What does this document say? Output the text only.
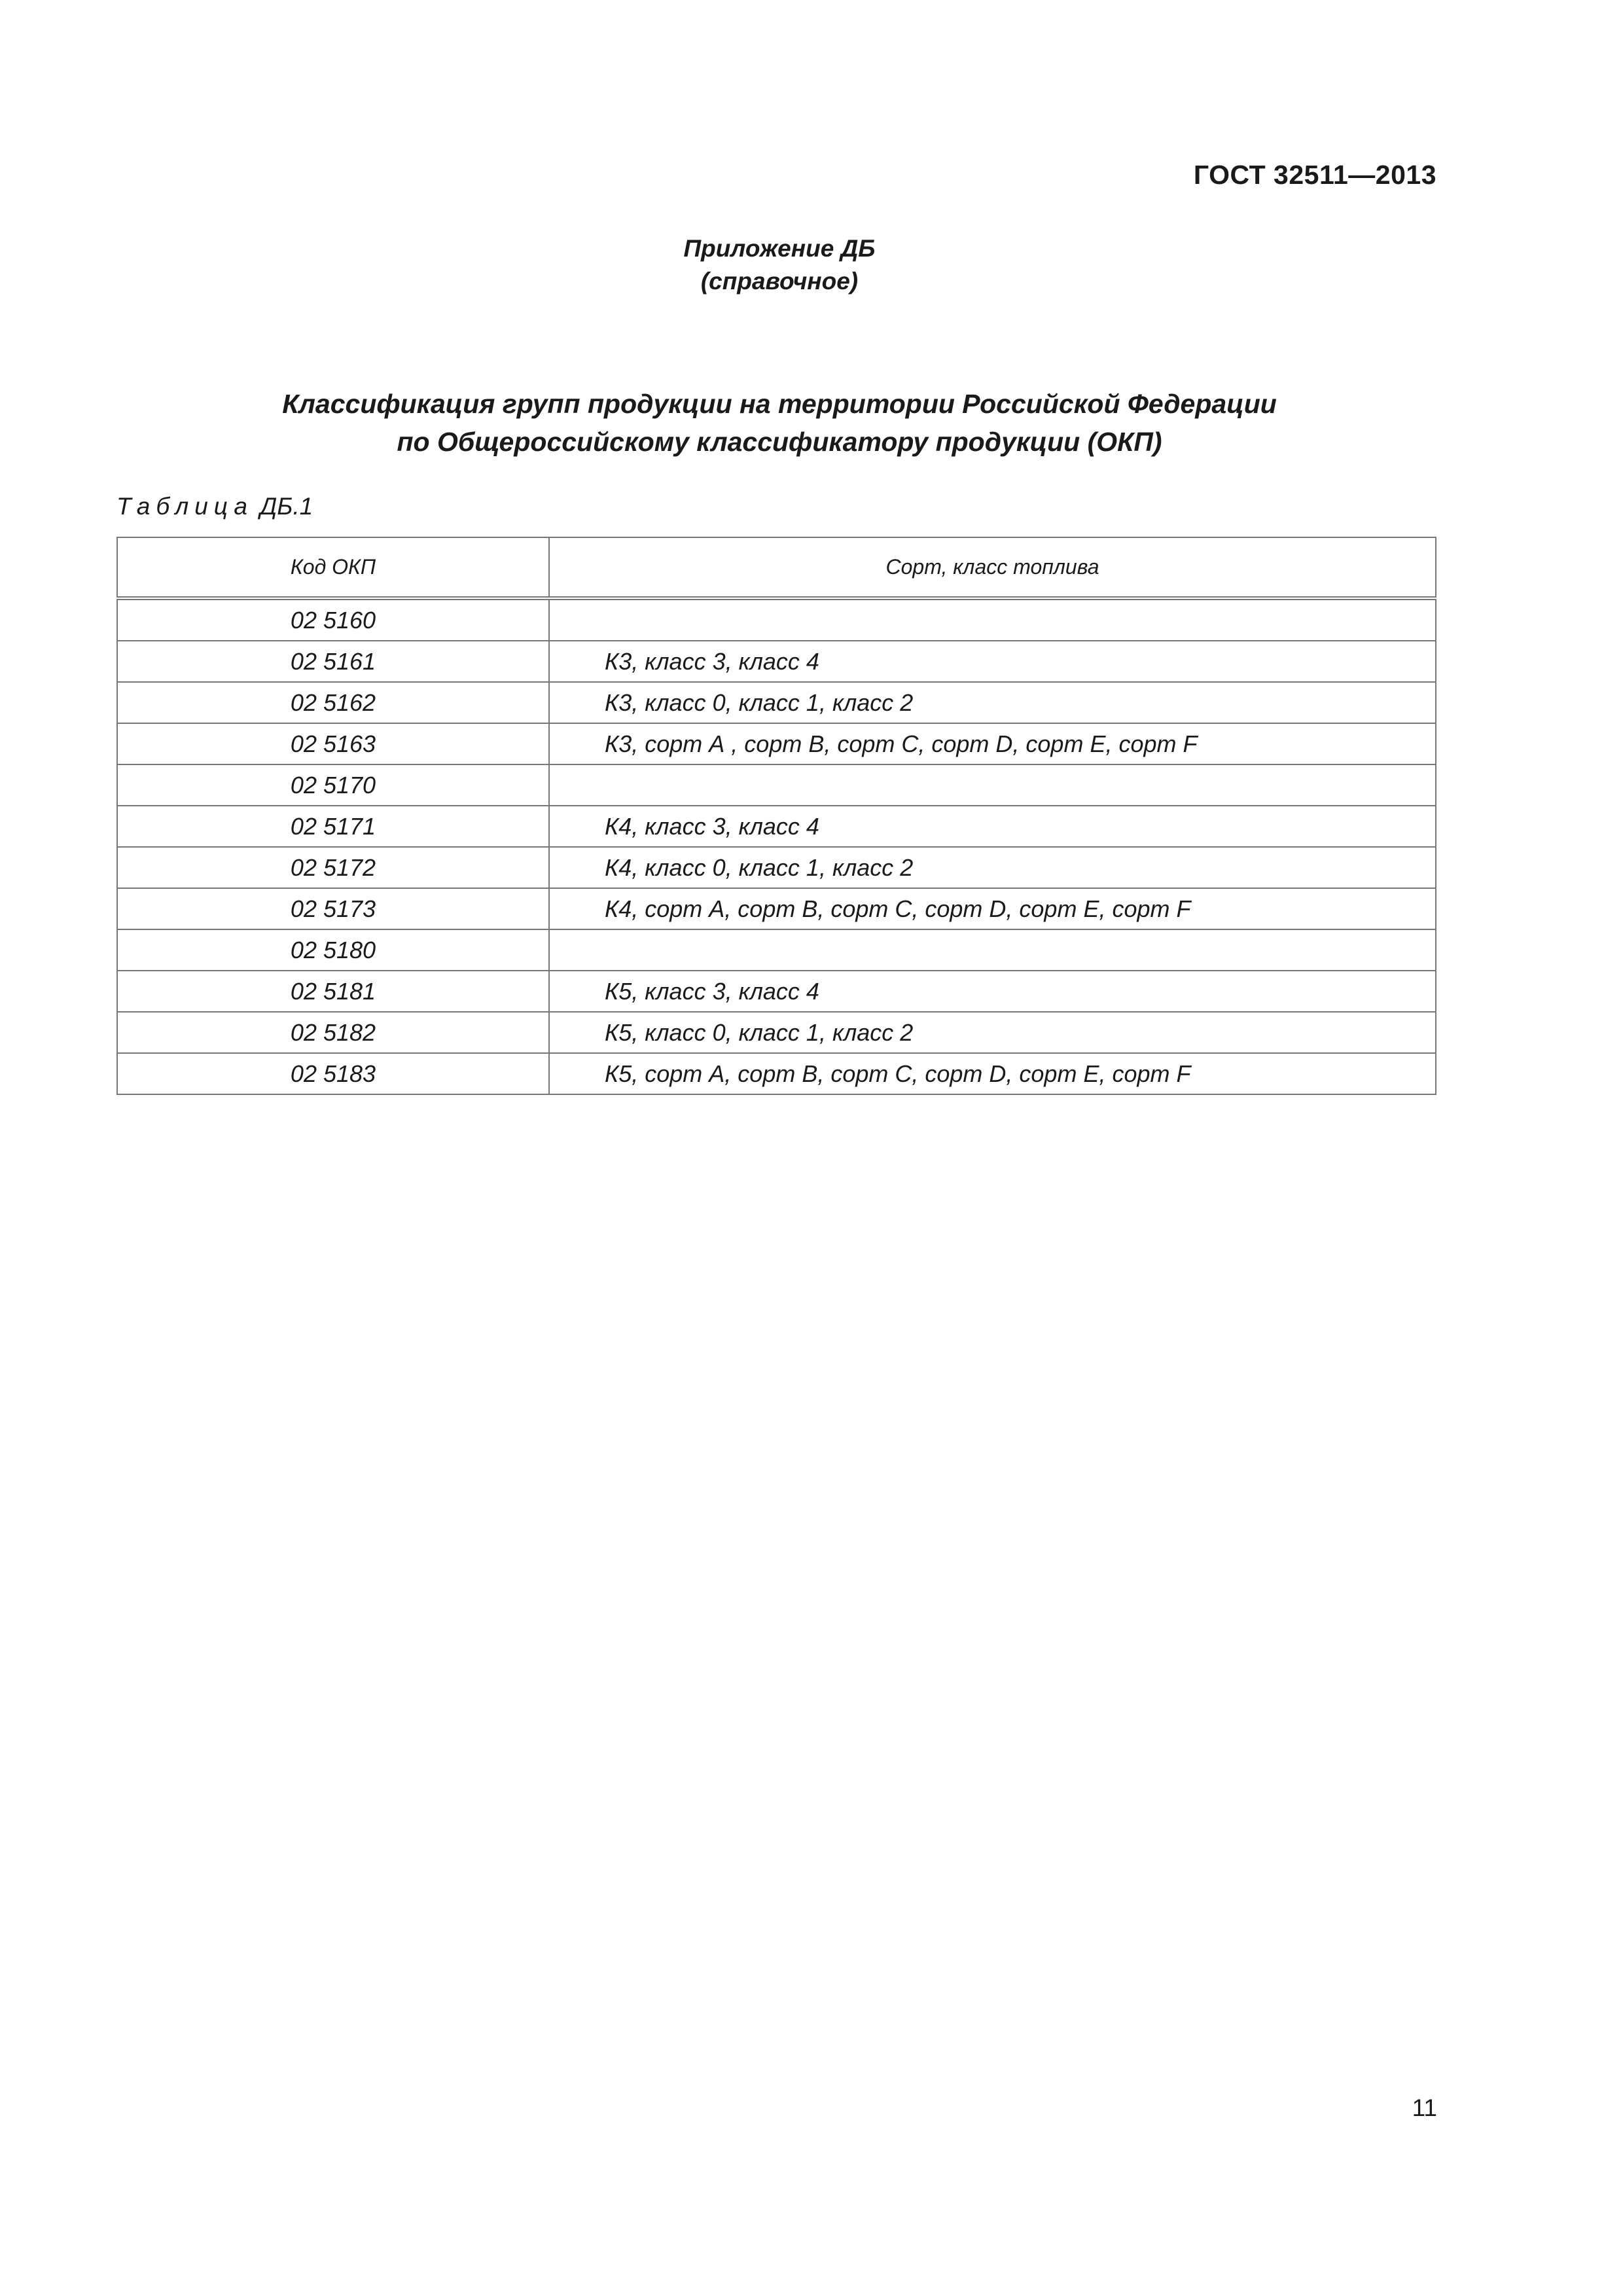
ГОСТ 32511—2013
Приложение ДБ
(справочное)
Классификация групп продукции на территории Российской Федерации
по Общероссийскому классификатору продукции (ОКП)
Таблица ДБ.1
Код ОКП	Сорт, класс топлива
02 5160	
02 5161	К3, класс 3, класс 4
02 5162	К3, класс 0, класс 1, класс 2
02 5163	К3, сорт А , сорт В, сорт С, сорт D, сорт Е, сорт F
02 5170	
02 5171	К4, класс 3, класс 4
02 5172	К4, класс 0, класс 1, класс 2
02 5173	К4, сорт А, сорт В, сорт С, сорт D, сорт Е, сорт F
02 5180	
02 5181	К5, класс 3, класс 4
02 5182	К5, класс 0, класс 1, класс 2
02 5183	К5, сорт А, сорт В, сорт С, сорт D, сорт Е, сорт F
11
